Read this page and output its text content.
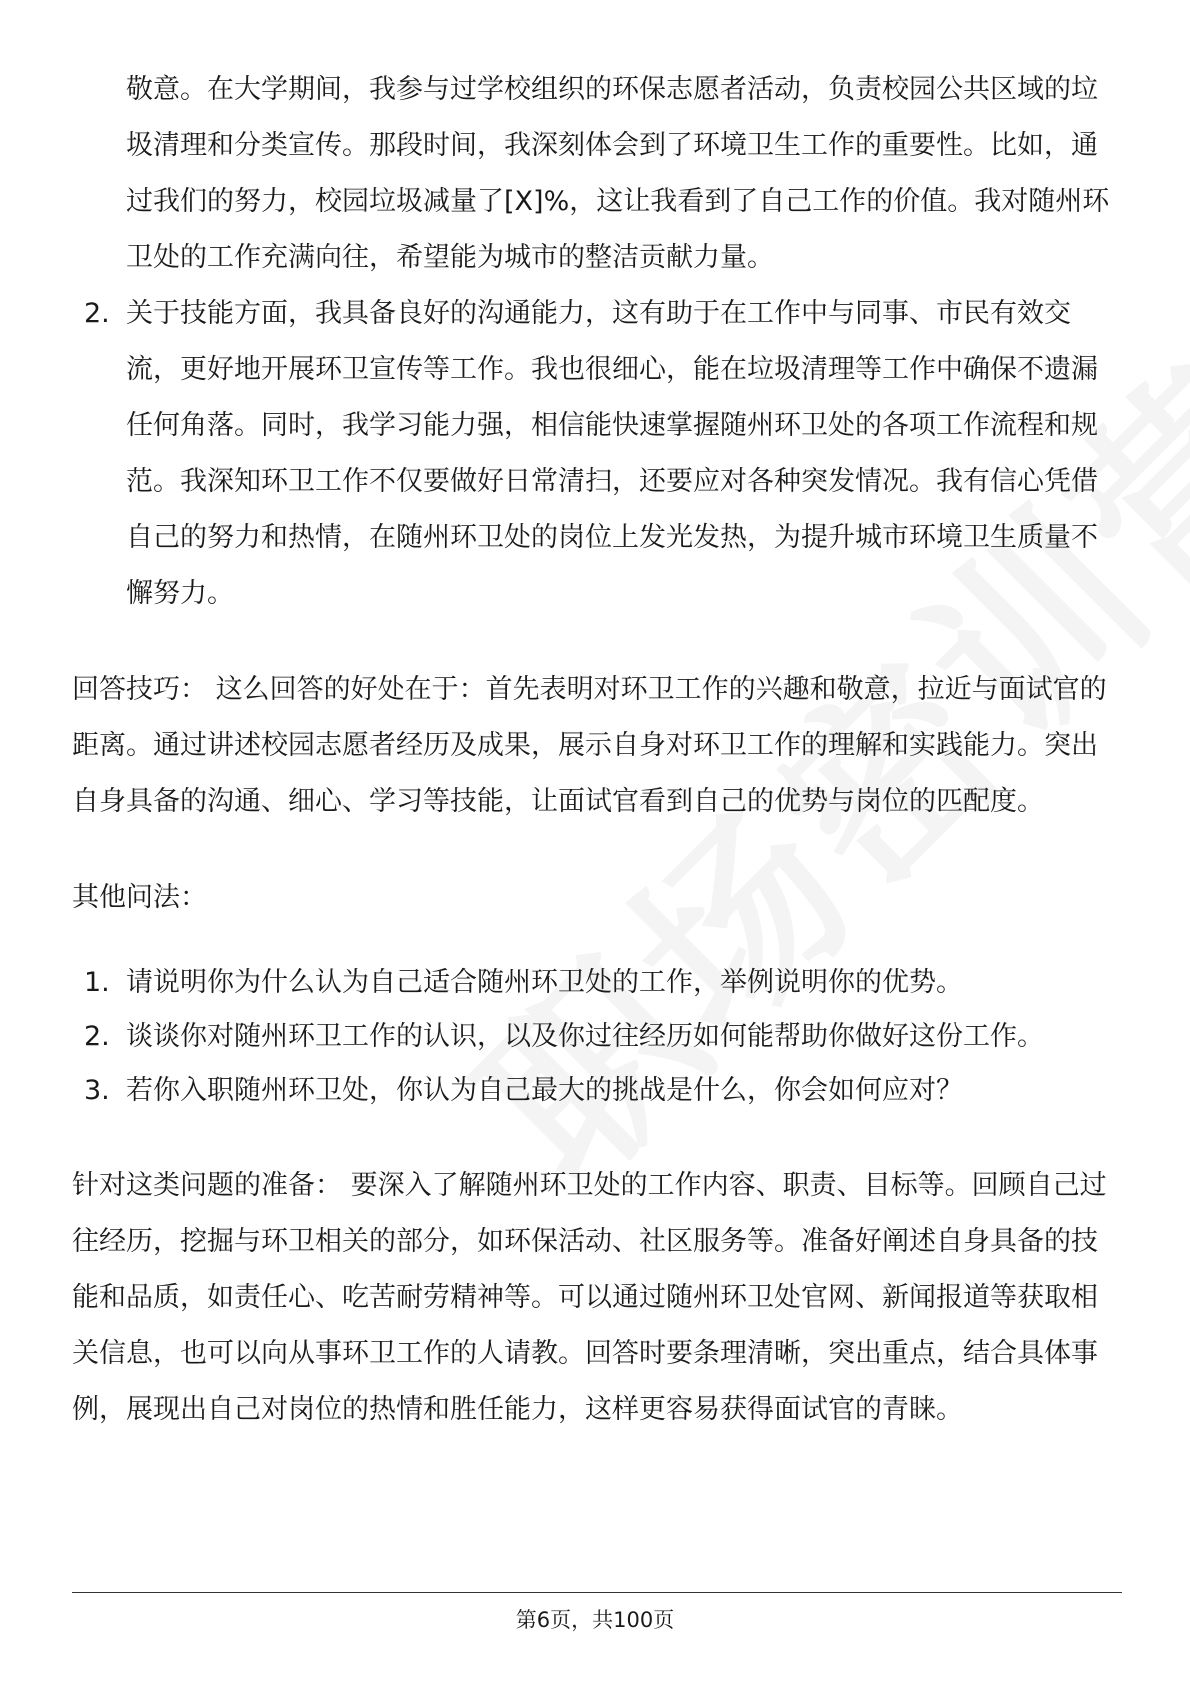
敬意。在大学期间，我参与过学校组织的环保志愿者活动，负责校园公共区域的垃圾清理和分类宣传。那段时间，我深刻体会到了环境卫生工作的重要性。比如，通过我们的努力，校园垃圾减量了[X]%，这让我看到了自己工作的价值。我对随州环卫处的工作充满向往，希望能为城市的整洁贡献力量。

2. 关于技能方面，我具备良好的沟通能力，这有助于在工作中与同事、市民有效交流，更好地开展环卫宣传等工作。我也很细心，能在垃圾清理等工作中确保不遗漏任何角落。同时，我学习能力强，相信能快速掌握随州环卫处的各项工作流程和规范。我深知环卫工作不仅要做好日常清扫，还要应对各种突发情况。我有信心凭借自己的努力和热情，在随州环卫处的岗位上发光发热，为提升城市环境卫生质量不懈努力。

回答技巧： 这么回答的好处在于：首先表明对环卫工作的兴趣和敬意，拉近与面试官的距离。通过讲述校园志愿者经历及成果，展示自身对环卫工作的理解和实践能力。突出自身具备的沟通、细心、学习等技能，让面试官看到自己的优势与岗位的匹配度。

其他问法：

1. 请说明你为什么认为自己适合随州环卫处的工作，举例说明你的优势。
2. 谈谈你对随州环卫工作的认识，以及你过往经历如何能帮助你做好这份工作。
3. 若你入职随州环卫处，你认为自己最大的挑战是什么，你会如何应对？

针对这类问题的准备： 要深入了解随州环卫处的工作内容、职责、目标等。回顾自己过往经历，挖掘与环卫相关的部分，如环保活动、社区服务等。准备好阐述自身具备的技能和品质，如责任心、吃苦耐劳精神等。可以通过随州环卫处官网、新闻报道等获取相关信息，也可以向从事环卫工作的人请教。回答时要条理清晰，突出重点，结合具体事例，展现出自己对岗位的热情和胜任能力，这样更容易获得面试官的青睐。

第6页，共100页
